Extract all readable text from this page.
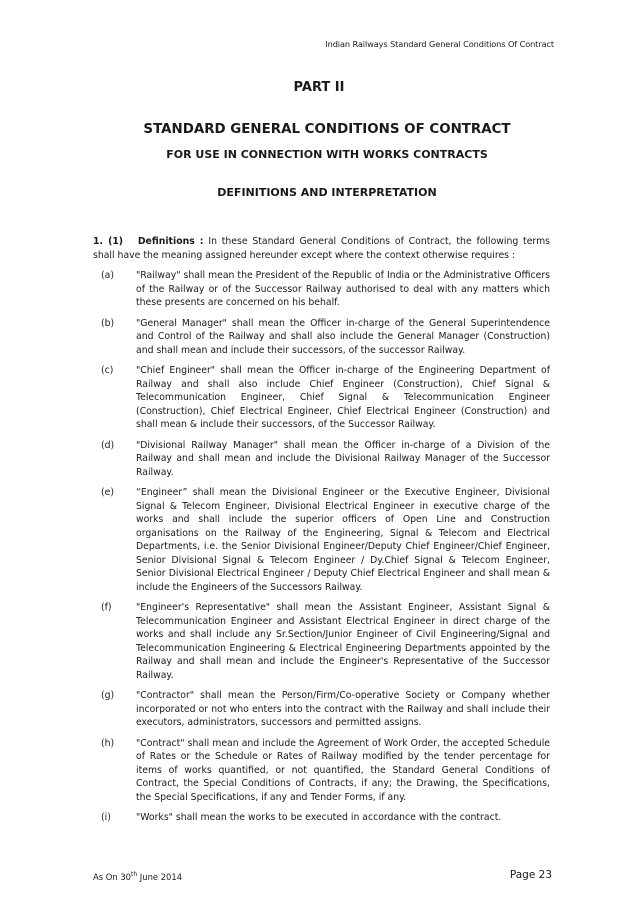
Indian Railways Standard General Conditions Of Contract
PART II
STANDARD GENERAL CONDITIONS OF CONTRACT
FOR USE IN CONNECTION WITH WORKS CONTRACTS
DEFINITIONS AND INTERPRETATION
1. (1) Definitions : In these Standard General Conditions of Contract, the following terms shall have the meaning assigned hereunder except where the context otherwise requires :
(a)	"Railway" shall mean the President of the Republic of India or the Administrative Officers of the Railway or of the Successor Railway authorised to deal with any matters which these presents are concerned on his behalf.
(b)	"General Manager" shall mean the Officer in-charge of the General Superintendence and Control of the Railway and shall also include the General Manager (Construction) and shall mean and include their successors, of the successor Railway.
(c)	"Chief Engineer" shall mean the Officer in-charge of the Engineering Department of Railway and shall also include Chief Engineer (Construction), Chief Signal & Telecommunication Engineer, Chief Signal & Telecommunication Engineer (Construction), Chief Electrical Engineer, Chief Electrical Engineer (Construction) and shall mean & include their successors, of the Successor Railway.
(d)	"Divisional Railway Manager" shall mean the Officer in-charge of a Division of the Railway and shall mean and include the Divisional Railway Manager of the Successor Railway.
(e)	“Engineer” shall mean the Divisional Engineer or the Executive Engineer, Divisional Signal & Telecom Engineer, Divisional Electrical Engineer in executive charge of the works and shall include the superior officers of Open Line and Construction organisations on the Railway of the Engineering, Signal & Telecom and Electrical Departments, i.e. the Senior Divisional Engineer/Deputy Chief Engineer/Chief Engineer, Senior Divisional Signal & Telecom Engineer / Dy.Chief Signal & Telecom Engineer, Senior Divisional Electrical Engineer / Deputy Chief Electrical Engineer and shall mean & include the Engineers of the Successors Railway.
(f)	"Engineer's Representative" shall mean the Assistant Engineer, Assistant Signal & Telecommunication Engineer and Assistant Electrical Engineer in direct charge of the works and shall include any Sr.Section/Junior Engineer of Civil Engineering/Signal and Telecommunication Engineering & Electrical Engineering Departments appointed by the Railway and shall mean and include the Engineer's Representative of the Successor Railway.
(g)	"Contractor" shall mean the Person/Firm/Co-operative Society or Company whether incorporated or not who enters into the contract with the Railway and shall include their executors, administrators, successors and permitted assigns.
(h)	"Contract" shall mean and include the Agreement of Work Order, the accepted Schedule of Rates or the Schedule or Rates of Railway modified by the tender percentage for items of works quantified, or not quantified, the Standard General Conditions of Contract, the Special Conditions of Contracts, if any; the Drawing, the Specifications, the Special Specifications, if any and Tender Forms, if any.
(i)	"Works" shall mean the works to be executed in accordance with the contract.
As On 30th June 2014	Page 23
